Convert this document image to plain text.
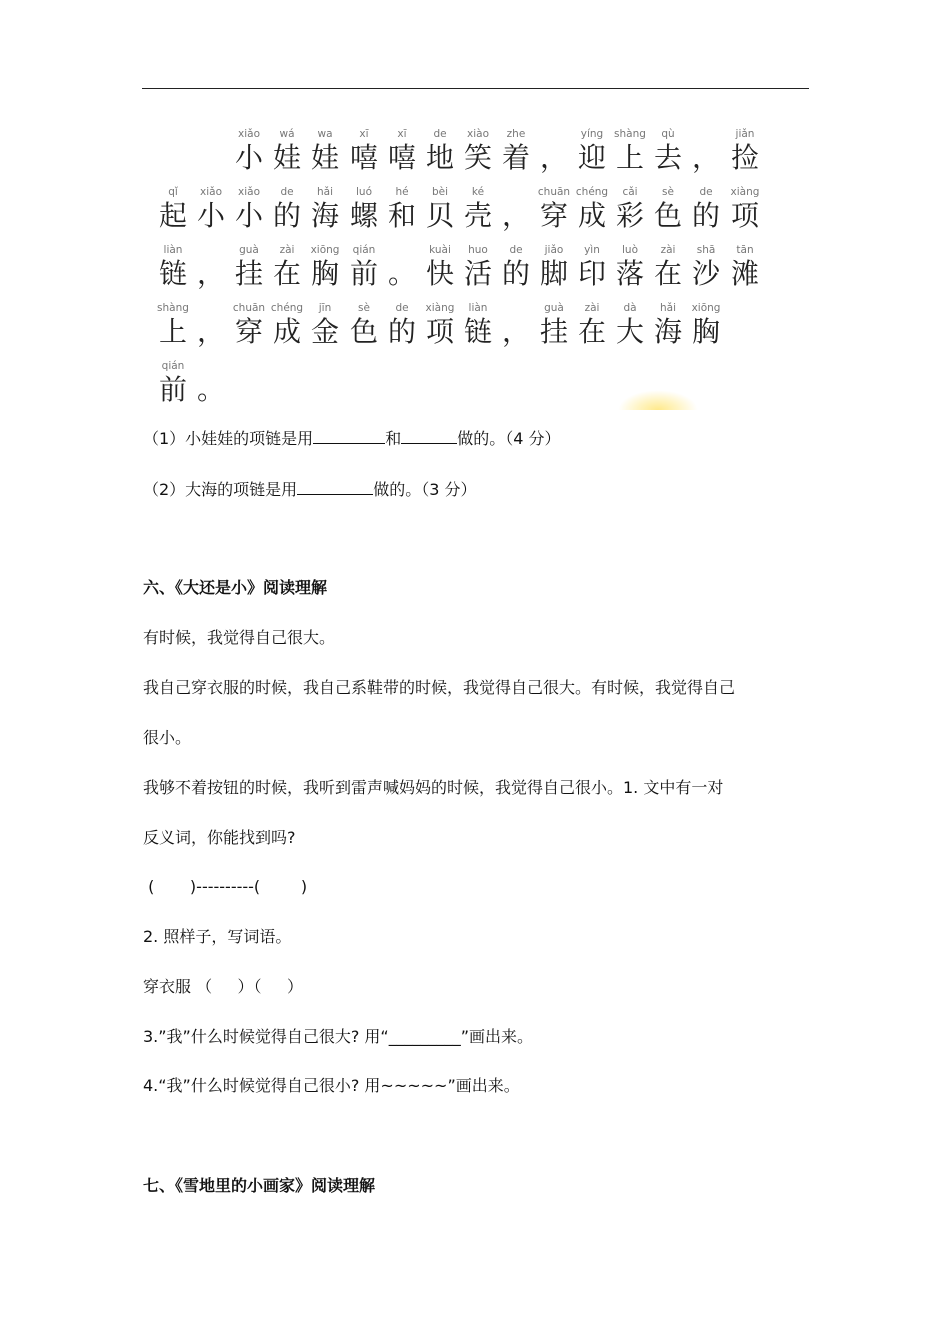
xiǎo
小
wá
娃
wa
娃
xī
嘻
xī
嘻
de
地
xiào
笑
zhe
着 ，
yíng
迎
shàng
上
qù
去 ，
jiǎn
捡
qǐ
起
xiǎo
小
xiǎo
小
de
的
hǎi
海
luó
螺
hé
和
bèi
贝
ké
壳 ，
chuān
穿
chéng
成
cǎi
彩
sè
色
de
的
xiàng
项
liàn
链 ，
guà
挂
zài
在
xiōng
胸
qián
前 。
kuài
快
huo
活
de
的
jiǎo
脚
yìn
印
luò
落
zài
在
shā
沙
tān
滩
shàng
上 ，
chuān
穿
chéng
成
jīn
金
sè
色
de
的
xiàng
项
liàn
链 ，
guà
挂
zài
在
dà
大
hǎi
海
xiōng
胸
qián
前 。
（1）小娃娃的项链是用	和	做的。（4 分）
（2）大海的项链是用	做的。（3 分）
六、《大还是小》阅读理解
有时候，我觉得自己很大。
我自己穿衣服的时候，我自己系鞋带的时候，我觉得自己很大。有时候，我觉得自己
很小。
我够不着按钮的时候，我听到雷声喊妈妈的时候，我觉得自己很小。1. 文中有一对
反义词，你能找到吗?
(       )----------(        )
2. 照样子，写词语。
穿衣服 （     ）（     ）
3.”我”什么时候觉得自己很大? 用“_________”画出来。
4.“我”什么时候觉得自己很小? 用~~~~~”画出来。
七、《雪地里的小画家》阅读理解
